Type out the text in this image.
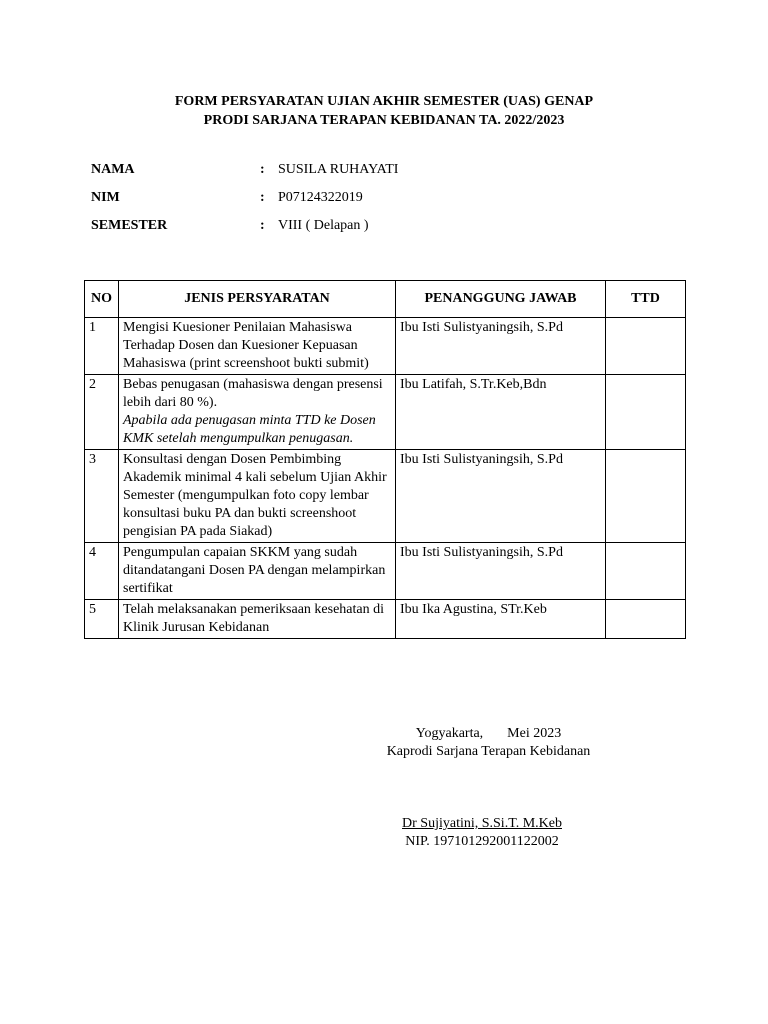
FORM PERSYARATAN UJIAN AKHIR SEMESTER (UAS) GENAP
PRODI SARJANA TERAPAN KEBIDANAN TA. 2022/2023
NAMA	: SUSILA RUHAYATI
NIM	: P07124322019
SEMESTER	: VIII ( Delapan )
NO	JENIS PERSYARATAN	PENANGGUNG JAWAB	TTD
1	Mengisi Kuesioner Penilaian Mahasiswa Terhadap Dosen dan Kuesioner Kepuasan Mahasiswa (print screenshoot bukti submit)	Ibu Isti Sulistyaningsih, S.Pd	
2	Bebas penugasan (mahasiswa dengan presensi lebih dari 80 %).
Apabila ada penugasan minta TTD ke Dosen KMK setelah mengumpulkan penugasan.	Ibu Latifah, S.Tr.Keb,Bdn	
3	Konsultasi dengan Dosen Pembimbing Akademik minimal 4 kali sebelum Ujian Akhir Semester (mengumpulkan foto copy lembar konsultasi buku PA dan bukti screenshoot pengisian PA pada Siakad)	Ibu Isti Sulistyaningsih, S.Pd	
4	Pengumpulan capaian SKKM yang sudah ditandatangani Dosen PA dengan melampirkan sertifikat	Ibu Isti Sulistyaningsih, S.Pd	
5	Telah melaksanakan pemeriksaan kesehatan di Klinik Jurusan Kebidanan	Ibu Ika Agustina, STr.Keb	
Yogyakarta, Mei 2023
Kaprodi Sarjana Terapan Kebidanan
Dr Sujiyatini, S.Si.T. M.Keb
NIP. 197101292001122002
